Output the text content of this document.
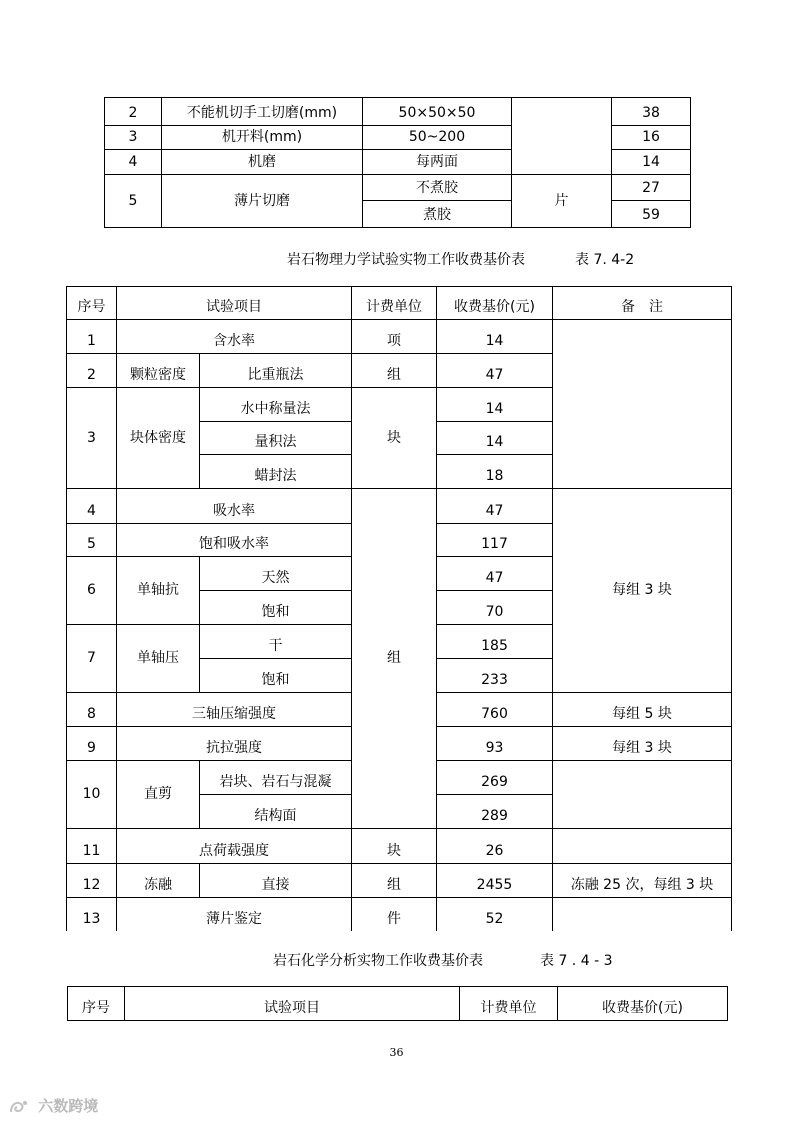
2	不能机切手工切磨(mm)	50×50×50		38
3	机开料(mm)	50~200		16
4	机磨	每两面		14
5	薄片切磨	不煮胶	片	27
		煮胶		59
岩石物理力学试验实物工作收费基价表	表 7. 4-2
序号	试验项目		计费单位	收费基价(元)	备　注
1	含水率		项	14	
2	颗粒密度	比重瓶法	组	47	
3	块体密度	水中称量法	块	14	
		量积法		14	
		蜡封法		18	
4	吸水率		组	47	每组 3 块
5	饱和吸水率			117	
6	单轴抗	天然		47	
		饱和		70	
7	单轴压	干		185	
		饱和		233	
8	三轴压缩强度			760	每组 5 块
9	抗拉强度			93	每组 3 块
10	直剪	岩块、岩石与混凝		269	
		结构面		289	
11	点荷载强度		块	26	
12	冻融	直接	组	2455	冻融 25 次，每组 3 块
13	薄片鉴定		件	52	
岩石化学分析实物工作收费基价表	表 7 . 4 - 3
序号	试验项目	计费单位	收费基价(元)
36
六数跨境
